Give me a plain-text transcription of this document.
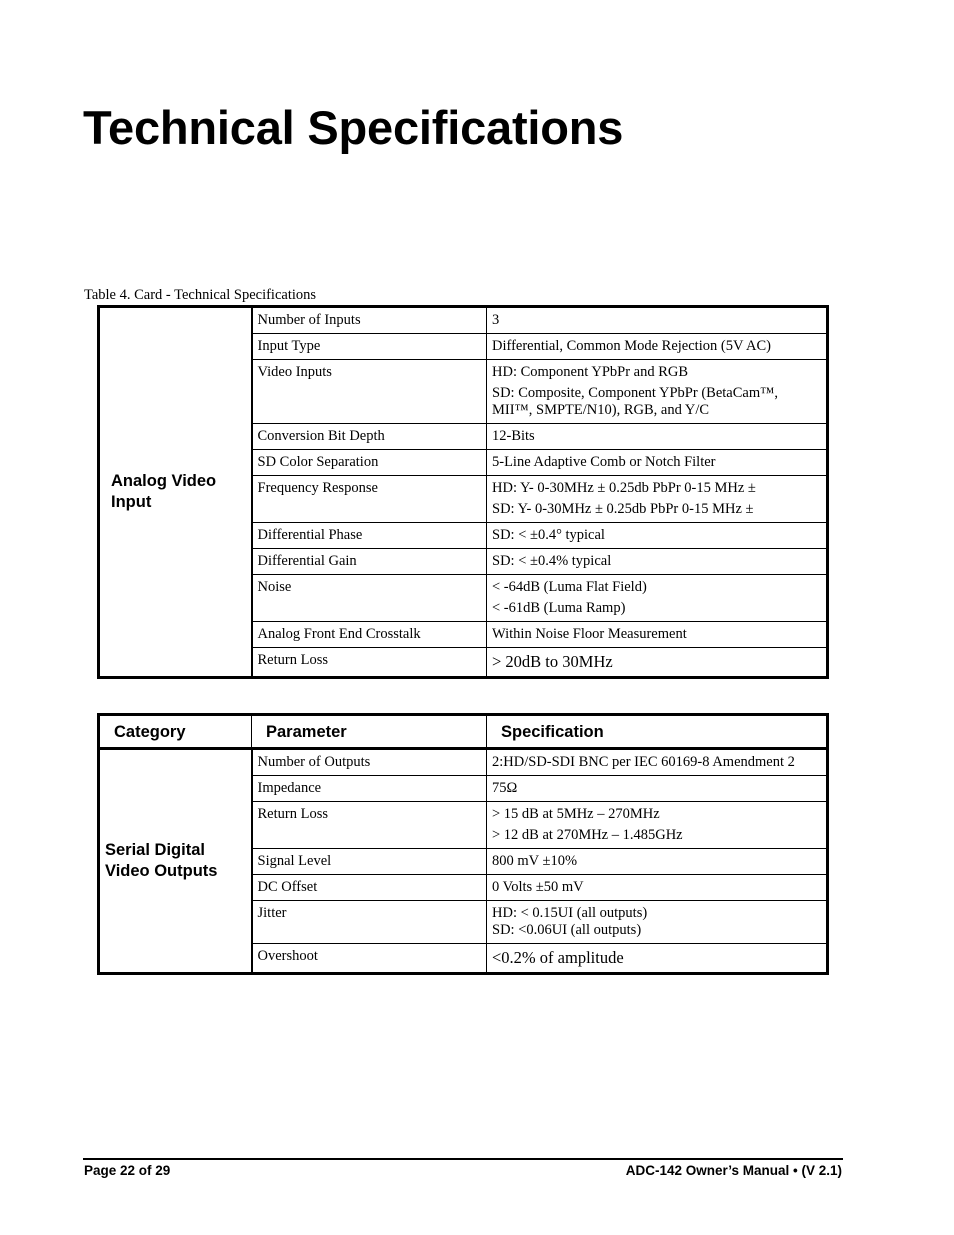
Technical Specifications
Table 4. Card - Technical Specifications
Analog Video Input	Number of Inputs	3
	Input Type	Differential, Common Mode Rejection (5V AC)
	Video Inputs	HD: Component YPbPr and RGB
SD: Composite, Component YPbPr (BetaCam™, MII™, SMPTE/N10), RGB, and Y/C

	Conversion Bit Depth	12-Bits
	SD Color Separation	5-Line Adaptive Comb or Notch Filter
	Frequency Response	HD: Y- 0-30MHz ± 0.25db PbPr 0-15 MHz ±
SD: Y- 0-30MHz ± 0.25db PbPr 0-15 MHz ±

	Differential Phase	SD: < ±0.4° typical
	Differential Gain	SD: < ±0.4% typical
	Noise	< -64dB (Luma Flat Field)
< -61dB (Luma Ramp)

	Analog Front End Crosstalk	Within Noise Floor Measurement
	Return Loss	> 20dB to 30MHz
Category	Parameter	Specification
Serial Digital Video Outputs	Number of Outputs	2:HD/SD-SDI BNC per IEC 60169-8 Amendment 2
	Impedance	75Ω
	Return Loss	> 15 dB at 5MHz – 270MHz
> 12 dB at 270MHz – 1.485GHz

	Signal Level	800 mV ±10%
	DC Offset	0 Volts ±50 mV
	Jitter	HD: < 0.15UI (all outputs)
SD: <0.06UI (all outputs)

	Overshoot	<0.2% of amplitude
Page 22 of 29	ADC-142 Owner’s Manual • (V 2.1)
